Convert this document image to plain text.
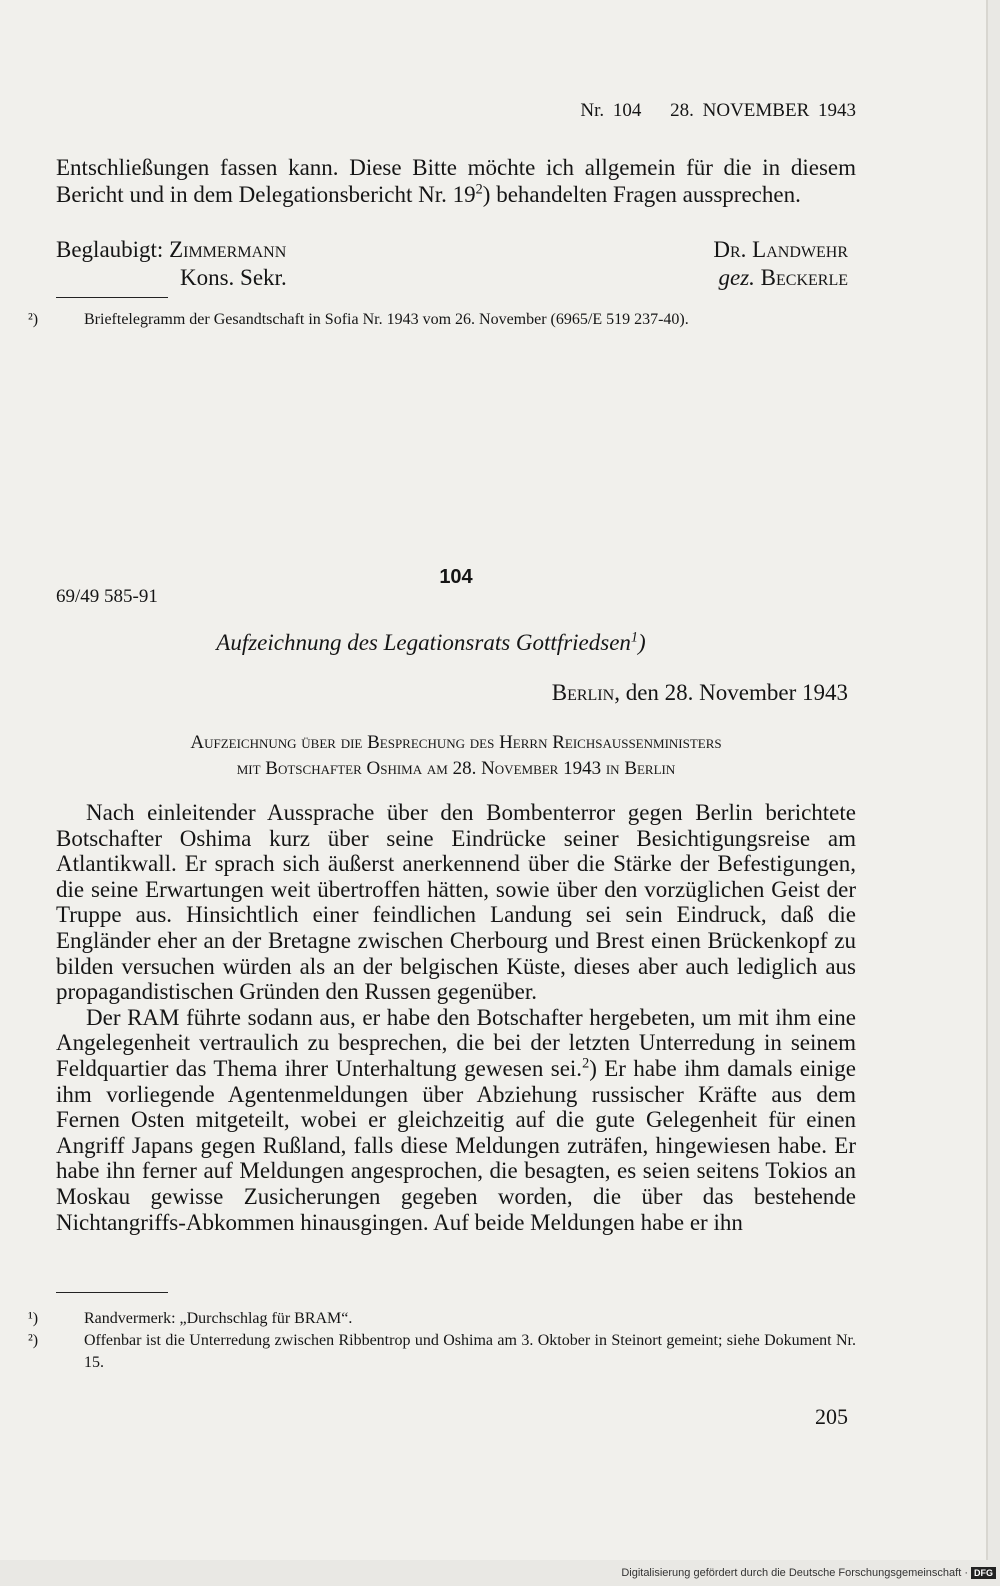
Nr. 104 28. NOVEMBER 1943

Entschließungen fassen kann. Diese Bitte möchte ich allgemein für die in diesem Bericht und in dem Delegationsbericht Nr. $19^2$) behandelten Fragen aussprechen.

Beglaubigt: Zimmermann
Kons. Sekr.
Dr. Landwehr
gez. Beckerle
²)	Brieftelegramm der Gesandtschaft in Sofia Nr. 1943 vom 26. November (6965/E 519 237-40).
104
69/49 585-91
Aufzeichnung des Legationsrats Gottfriedsen$^1$)
Berlin, den 28. November 1943
Aufzeichnung über die Besprechung des Herrn Reichsaussenministers
mit Botschafter Oshima am 28. November 1943 in Berlin

Nach einleitender Aussprache über den Bombenterror gegen Berlin berichtete Botschafter Oshima kurz über seine Eindrücke seiner Besichtigungsreise am Atlantikwall. Er sprach sich äußerst anerkennend über die Stärke der Befestigungen, die seine Erwartungen weit übertroffen hätten, sowie über den vorzüglichen Geist der Truppe aus. Hinsichtlich einer feindlichen Landung sei sein Eindruck, daß die Engländer eher an der Bretagne zwischen Cherbourg und Brest einen Brückenkopf zu bilden versuchen würden als an der belgischen Küste, dieses aber auch lediglich aus propagandistischen Gründen den Russen gegenüber.

Der RAM führte sodann aus, er habe den Botschafter hergebeten, um mit ihm eine Angelegenheit vertraulich zu besprechen, die bei der letzten Unterredung in seinem Feldquartier das Thema ihrer Unterhaltung gewesen sei.$^2$) Er habe ihm damals einige ihm vorliegende Agentenmeldungen über Abziehung russischer Kräfte aus dem Fernen Osten mitgeteilt, wobei er gleichzeitig auf die gute Gelegenheit für einen Angriff Japans gegen Rußland, falls diese Meldungen zuträfen, hingewiesen habe. Er habe ihn ferner auf Meldungen angesprochen, die besagten, es seien seitens Tokios an Moskau gewisse Zusicherungen gegeben worden, die über das bestehende Nichtangriffs-Abkommen hinausgingen. Auf beide Meldungen habe er ihn

¹)	Randvermerk: „Durchschlag für BRAM“.
²)	Offenbar ist die Unterredung zwischen Ribbentrop und Oshima am 3. Oktober in Steinort gemeint; siehe Dokument Nr. 15.
205
Digitalisierung gefördert durch die Deutsche Forschungsgemeinschaft · DFG
